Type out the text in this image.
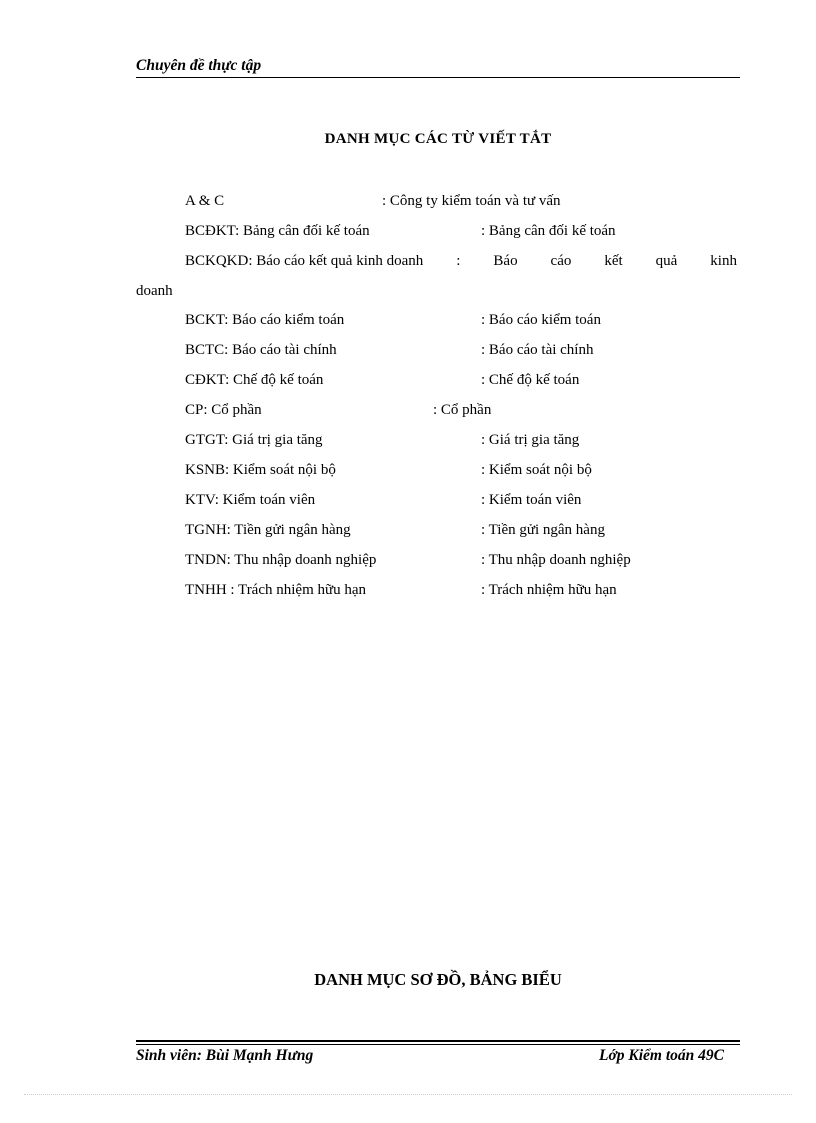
Chuyên đề thực tập
DANH MỤC CÁC TỪ VIẾT TẮT
A & C	: Công ty kiểm toán và tư vấn
BCĐKT: Bảng cân đối kế toán	: Bảng cân đối kế toán
BCKQKD: Báo cáo kết quả kinh doanh : Báo cáo kết quả kinh
doanh
BCKT: Báo cáo kiểm toán	: Báo cáo kiểm toán
BCTC: Báo cáo tài chính	: Báo cáo tài chính
CĐKT: Chế độ kế toán	: Chế độ kế toán
CP: Cổ phần	: Cổ phần
GTGT: Giá trị gia tăng	: Giá trị gia tăng
KSNB: Kiểm soát nội bộ	: Kiểm soát nội bộ
KTV: Kiểm toán viên	: Kiểm toán viên
TGNH: Tiền gửi ngân hàng	: Tiền gửi ngân hàng
TNDN: Thu nhập doanh nghiệp	: Thu nhập doanh nghiệp
TNHH : Trách nhiệm hữu hạn	: Trách nhiệm hữu hạn
DANH MỤC SƠ ĐỒ, BẢNG BIỂU
Sinh viên: Bùi Mạnh Hưng	Lớp Kiểm toán 49C
